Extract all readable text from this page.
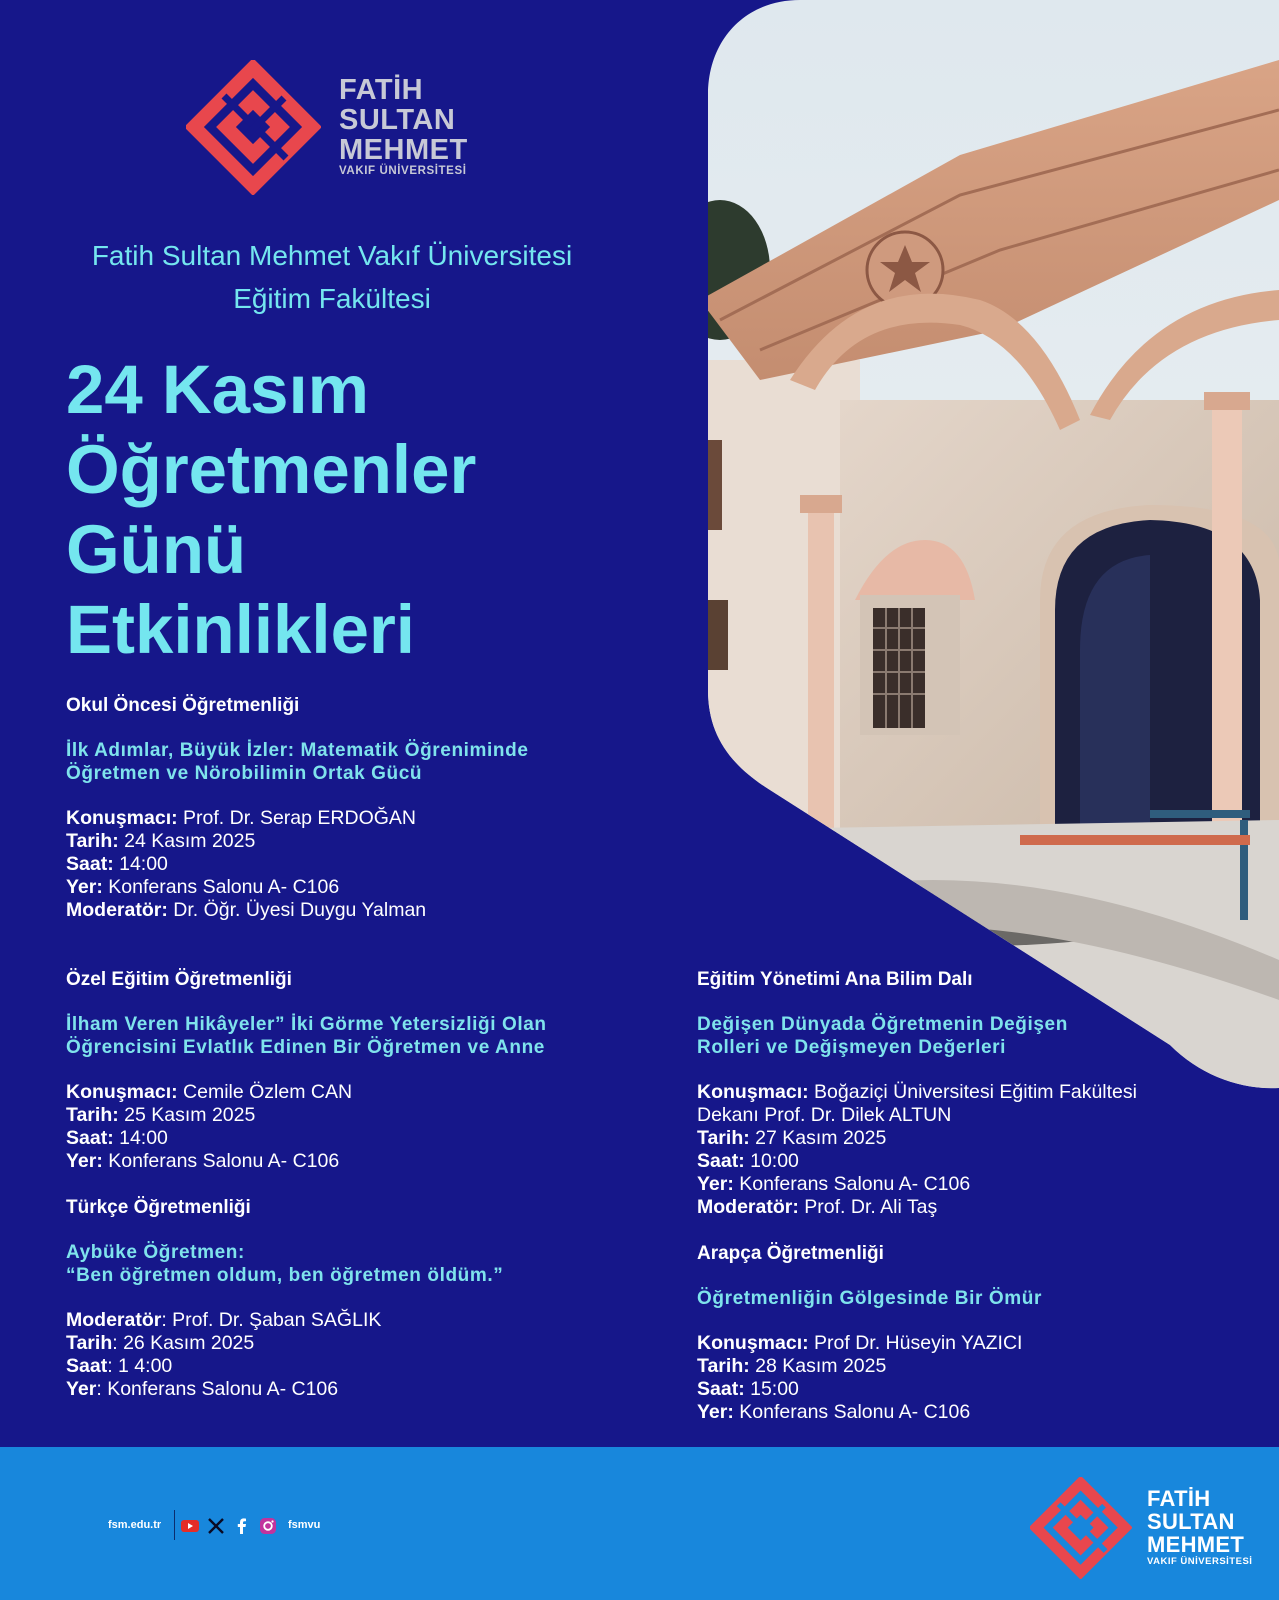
FATİH
SULTAN
MEHMET
VAKIF ÜNİVERSİTESİ
Fatih Sultan Mehmet Vakıf Üniversitesi
Eğitim Fakültesi
24 Kasım
Öğretmenler
Günü
Etkinlikleri
Okul Öncesi Öğretmenliği
İlk Adımlar, Büyük İzler: Matematik Öğreniminde
Öğretmen ve Nörobilimin Ortak Gücü
Konuşmacı: Prof. Dr. Serap ERDOĞAN
Tarih: 24 Kasım 2025
Saat: 14:00
Yer: Konferans Salonu A- C106
Moderatör: Dr. Öğr. Üyesi Duygu Yalman
Özel Eğitim Öğretmenliği
İlham Veren Hikâyeler” İki Görme Yetersizliği Olan
Öğrencisini Evlatlık Edinen Bir Öğretmen ve Anne
Konuşmacı: Cemile Özlem CAN
Tarih: 25 Kasım 2025
Saat: 14:00
Yer: Konferans Salonu A- C106
Türkçe Öğretmenliği
Aybüke Öğretmen:
“Ben öğretmen oldum, ben öğretmen öldüm.”
Moderatör: Prof. Dr. Şaban SAĞLIK
Tarih: 26 Kasım 2025
Saat: 1 4:00
Yer: Konferans Salonu A- C106
Eğitim Yönetimi Ana Bilim Dalı
Değişen Dünyada Öğretmenin Değişen
Rolleri ve Değişmeyen Değerleri
Konuşmacı: Boğaziçi Üniversitesi Eğitim Fakültesi
Dekanı Prof. Dr. Dilek ALTUN
Tarih: 27 Kasım 2025
Saat: 10:00
Yer: Konferans Salonu A- C106
Moderatör: Prof. Dr. Ali Taş
Arapça Öğretmenliği
Öğretmenliğin Gölgesinde Bir Ömür
Konuşmacı: Prof Dr. Hüseyin YAZICI
Tarih: 28 Kasım 2025
Saat: 15:00
Yer: Konferans Salonu A- C106
fsm.edu.tr	fsmvu
FATİH
SULTAN
MEHMET
VAKIF ÜNİVERSİTESİ
